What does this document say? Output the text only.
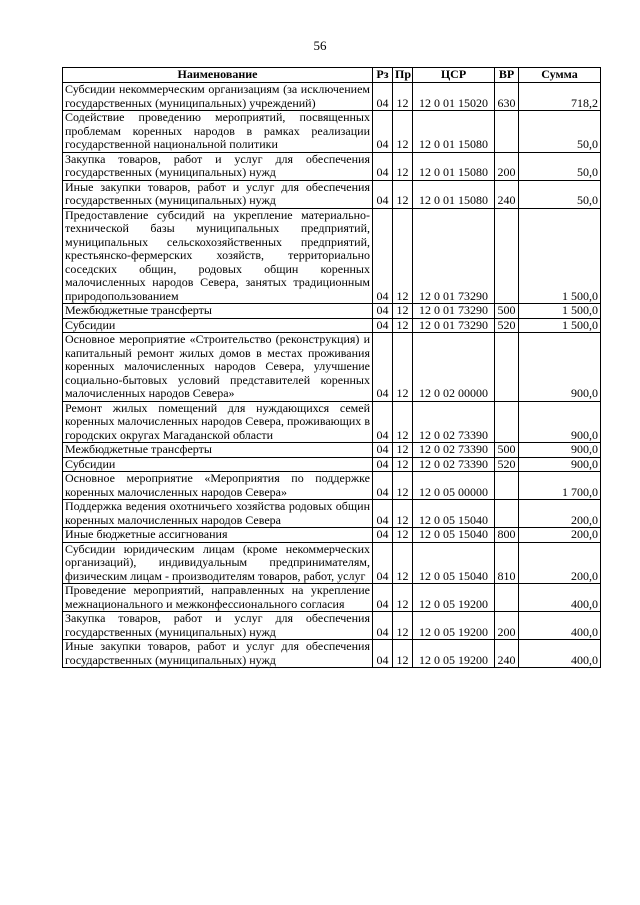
56
Наименование	Рз	Пр	ЦСР	ВР	Сумма
Субсидии некоммерческим организациям (за исключением государственных (муниципальных) учреждений)	04	12	12 0 01 15020	630	718,2
Содействие проведению мероприятий, посвященных проблемам коренных народов в рамках реализации государственной национальной политики	04	12	12 0 01 15080		50,0
Закупка товаров, работ и услуг для обеспечения государственных (муниципальных) нужд	04	12	12 0 01 15080	200	50,0
Иные закупки товаров, работ и услуг для обеспечения государственных (муниципальных) нужд	04	12	12 0 01 15080	240	50,0
Предоставление субсидий на укрепление материально-технической базы муниципальных предприятий, муниципальных сельскохозяйственных предприятий, крестьянско-фермерских хозяйств, территориально соседских общин, родовых общин коренных малочисленных народов Севера, занятых традиционным природопользованием	04	12	12 0 01 73290		1 500,0
Межбюджетные трансферты	04	12	12 0 01 73290	500	1 500,0
Субсидии	04	12	12 0 01 73290	520	1 500,0
Основное мероприятие «Строительство (реконструкция) и капитальный ремонт жилых домов в местах проживания коренных малочисленных народов Севера, улучшение социально-бытовых условий представителей коренных малочисленных народов Севера»	04	12	12 0 02 00000		900,0
Ремонт жилых помещений для нуждающихся семей коренных малочисленных народов Севера, проживающих в городских округах Магаданской области	04	12	12 0 02 73390		900,0
Межбюджетные трансферты	04	12	12 0 02 73390	500	900,0
Субсидии	04	12	12 0 02 73390	520	900,0
Основное мероприятие «Мероприятия по поддержке коренных малочисленных народов Севера»	04	12	12 0 05 00000		1 700,0
Поддержка ведения охотничьего хозяйства родовых общин коренных малочисленных народов Севера	04	12	12 0 05 15040		200,0
Иные бюджетные ассигнования	04	12	12 0 05 15040	800	200,0
Субсидии юридическим лицам (кроме некоммерческих организаций), индивидуальным предпринимателям, физическим лицам - производителям товаров, работ, услуг	04	12	12 0 05 15040	810	200,0
Проведение мероприятий, направленных на укрепление межнационального и межконфессионального согласия	04	12	12 0 05 19200		400,0
Закупка товаров, работ и услуг для обеспечения государственных (муниципальных) нужд	04	12	12 0 05 19200	200	400,0
Иные закупки товаров, работ и услуг для обеспечения государственных (муниципальных) нужд	04	12	12 0 05 19200	240	400,0
